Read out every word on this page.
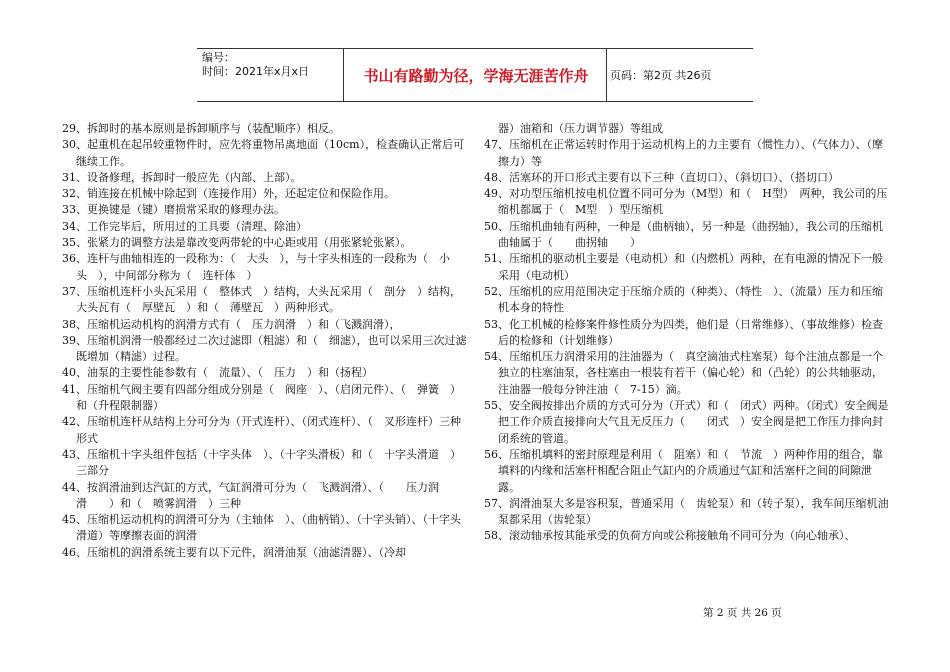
编号：
时间：2021年x月x日	书山有路勤为径，学海无涯苦作舟	页码：第2页 共26页

29、拆卸时的基本原则是拆卸顺序与（装配顺序）相反。

30、起重机在起吊较重物件时，应先将重物吊离地面（10cm），检查确认正常后可继续工作。

31、设备修理，拆卸时一般应先（内部、上部）。

32、销连接在机械中除起到（连接作用）外，还起定位和保险作用。

33、更换键是（键）磨损常采取的修理办法。

34、工作完毕后，所用过的工具要（清理、除油）

35、张紧力的调整方法是靠改变两带轮的中心距或用（用张紧轮张紧）。

36、连杆与曲轴相连的一段称为：（　大头　），与十字头相连的一段称为（　小头　），中间部分称为（　连杆体　）

37、压缩机连杆小头瓦采用（　整体式　）结构，大头瓦采用（　剖分　）结构，大头瓦有（　厚壁瓦　）和（　薄壁瓦　）两种形式。

38、压缩机运动机构的润滑方式有（　压力润滑　）和（飞溅润滑），

39、压缩机润滑一般都经过二次过滤即（粗滤）和（　细滤），也可以采用三次过滤既增加（精滤）过程。

40、油泵的主要性能参数有（　流量）、（　压力　）和（扬程）

41、压缩机气阀主要有四部分组成分别是（　阀座　）、（启闭元件）、（　弹簧　）和（升程限制器）

42、压缩机连杆从结构上分可分为（开式连杆）、（闭式连杆）、（　叉形连杆）三种形式

43、压缩机十字头组件包括（十字头体　）、（十字头滑板）和（　十字头滑道　）三部分

44、按润滑油到达汽缸的方式，气缸润滑可分为（　飞溅润滑）、（　　压力润滑　　）和（　喷雾润滑　）三种

45、压缩机运动机构的润滑可分为（主轴体　）、（曲柄销）、（十字头销）、（十字头滑道）等摩擦表面的润滑

46、压缩机的润滑系统主要有以下元件，润滑油泵（油滤清器）、（冷却

器）油箱和（压力调节器）等组成

47、压缩机在正常运转时作用于运动机构上的力主要有（惯性力）、（气体力）、（摩擦力）等

48、活塞环的开口形式主要有以下三种（直切口）、（斜切口）、（搭切口）

49、对功型压缩机按电机位置不同可分为（M型）和（　H型）　两种，我公司的压缩机都属于（　M型　）型压缩机

50、压缩机曲轴有两种，一种是（曲柄轴），另一种是（曲拐轴），我公司的压缩机曲轴属于（　　曲拐轴　　）

51、压缩机的驱动机主要是（电动机）和（内燃机）两种，在有电源的情况下一般采用（电动机）

52、压缩机的应用范围决定于压缩介质的（种类）、（特性　）、（流量）压力和压缩机本身的特性

53、化工机械的检修案件修性质分为四类，他们是（日常维修）、（事故维修）检查后的检修和（计划维修）

54、压缩机压力润滑采用的注油器为（　真空滴油式柱塞泵）每个注油点都是一个独立的柱塞油泵，各柱塞由一根装有若干（偏心轮）和（凸轮）的公共轴驱动，注油器一般每分钟注油（　7-15）滴。

55、安全阀按排出介质的方式可分为（开式）和（　闭式）两种。（闭式）安全阀是把工作介质直接排向大气且无反压力（　　闭式　）安全阀是把工作压力排向封闭系统的管道。

56、压缩机填料的密封原理是利用（　阻塞）和（　节流　）两种作用的组合，靠填料的内缘和活塞杆相配合阻止气缸内的介质通过气缸和活塞杆之间的间隙泄露。

57、润滑油泵大多是容积泵，普通采用（　齿轮泵）和（转子泵），我车间压缩机油泵都采用（齿轮泵）

58、滚动轴承按其能承受的负荷方向或公称接触角不同可分为（向心轴承）、

第 2 页 共 26 页
